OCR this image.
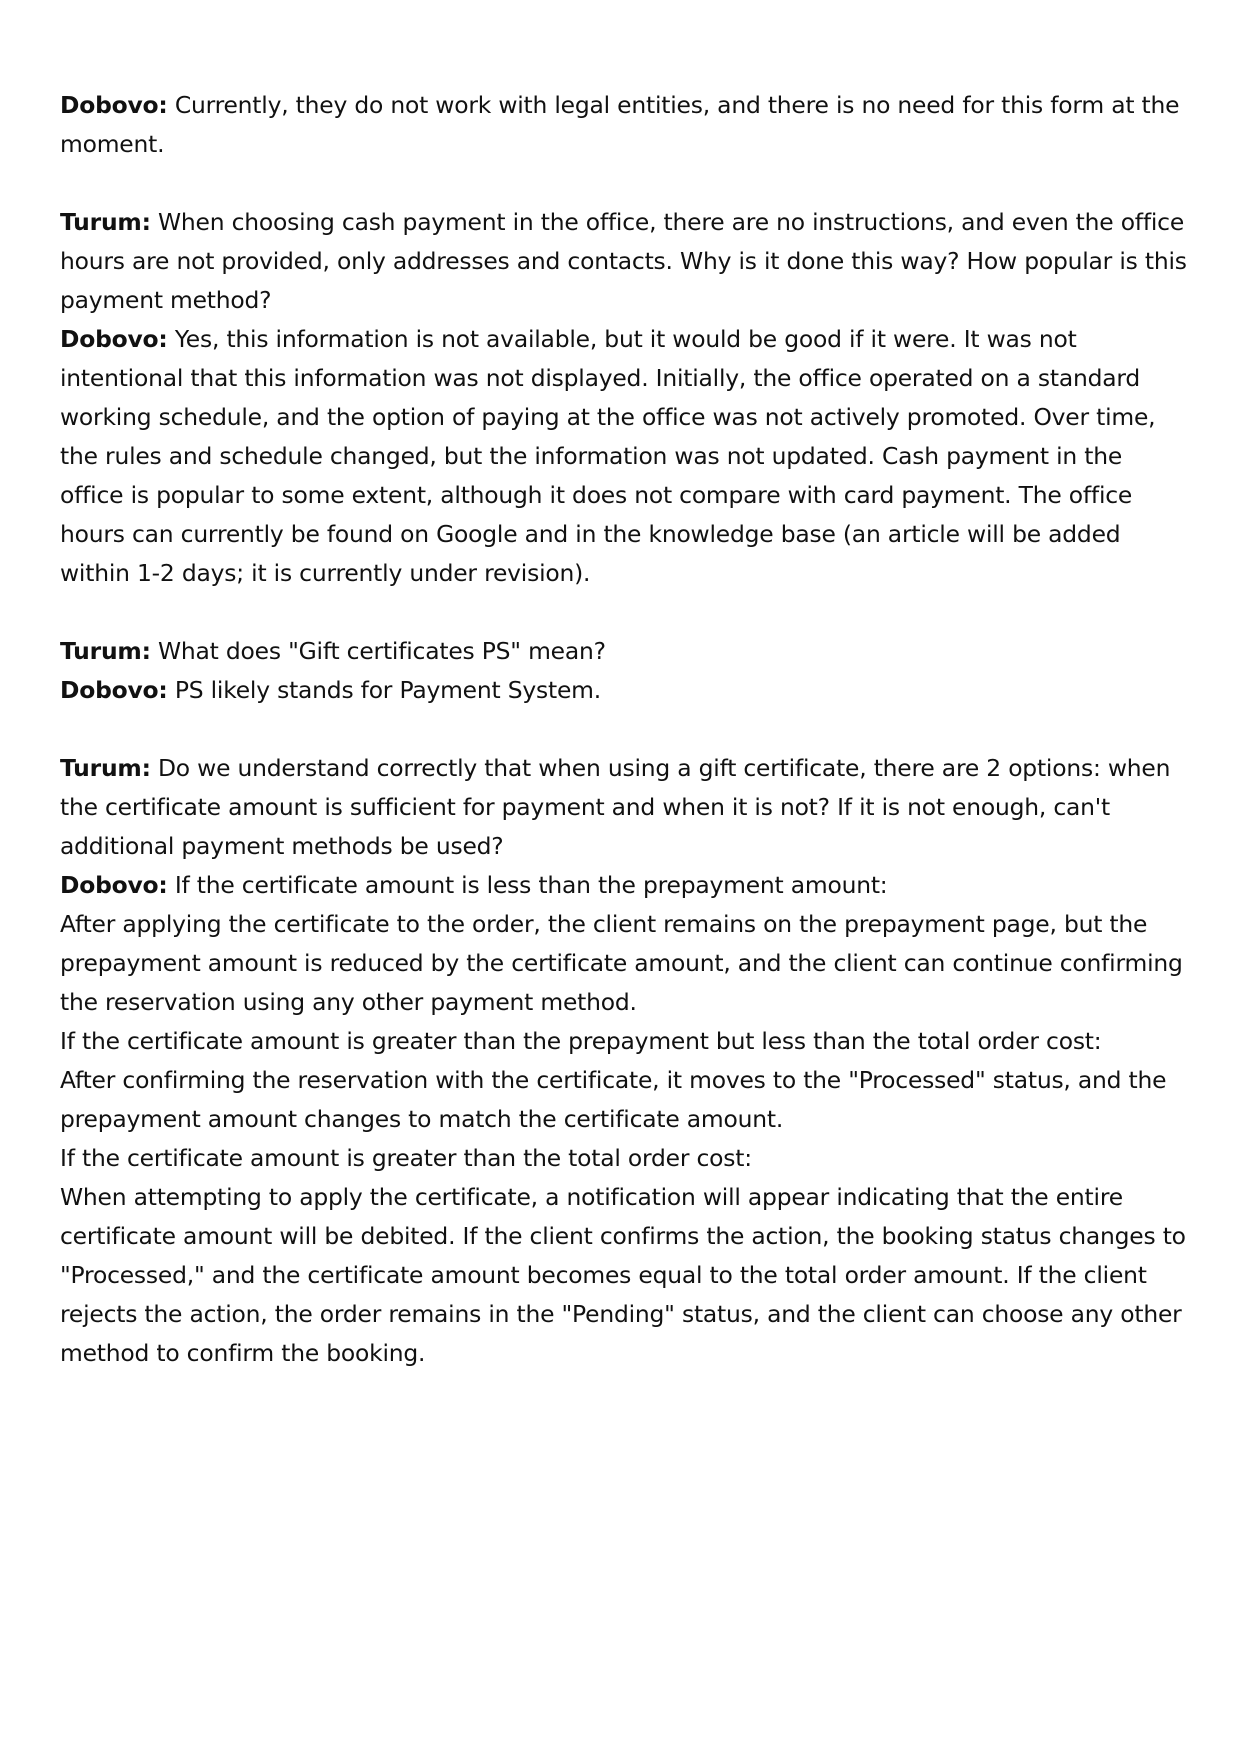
Dobovo: Currently, they do not work with legal entities, and there is no need for this form at the moment.

Turum: When choosing cash payment in the office, there are no instructions, and even the office hours are not provided, only addresses and contacts. Why is it done this way? How popular is this payment method?

Dobovo: Yes, this information is not available, but it would be good if it were. It was not intentional that this information was not displayed. Initially, the office operated on a standard working schedule, and the option of paying at the office was not actively promoted. Over time, the rules and schedule changed, but the information was not updated. Cash payment in the office is popular to some extent, although it does not compare with card payment. The office hours can currently be found on Google and in the knowledge base (an article will be added within 1-2 days; it is currently under revision).

Turum: What does "Gift certificates PS" mean?

Dobovo: PS likely stands for Payment System.

Turum: Do we understand correctly that when using a gift certificate, there are 2 options: when the certificate amount is sufficient for payment and when it is not? If it is not enough, can't additional payment methods be used?

Dobovo: If the certificate amount is less than the prepayment amount:

After applying the certificate to the order, the client remains on the prepayment page, but the prepayment amount is reduced by the certificate amount, and the client can continue confirming the reservation using any other payment method.

If the certificate amount is greater than the prepayment but less than the total order cost:

After confirming the reservation with the certificate, it moves to the "Processed" status, and the prepayment amount changes to match the certificate amount.

If the certificate amount is greater than the total order cost:

When attempting to apply the certificate, a notification will appear indicating that the entire certificate amount will be debited. If the client confirms the action, the booking status changes to "Processed," and the certificate amount becomes equal to the total order amount. If the client rejects the action, the order remains in the "Pending" status, and the client can choose any other method to confirm the booking.
